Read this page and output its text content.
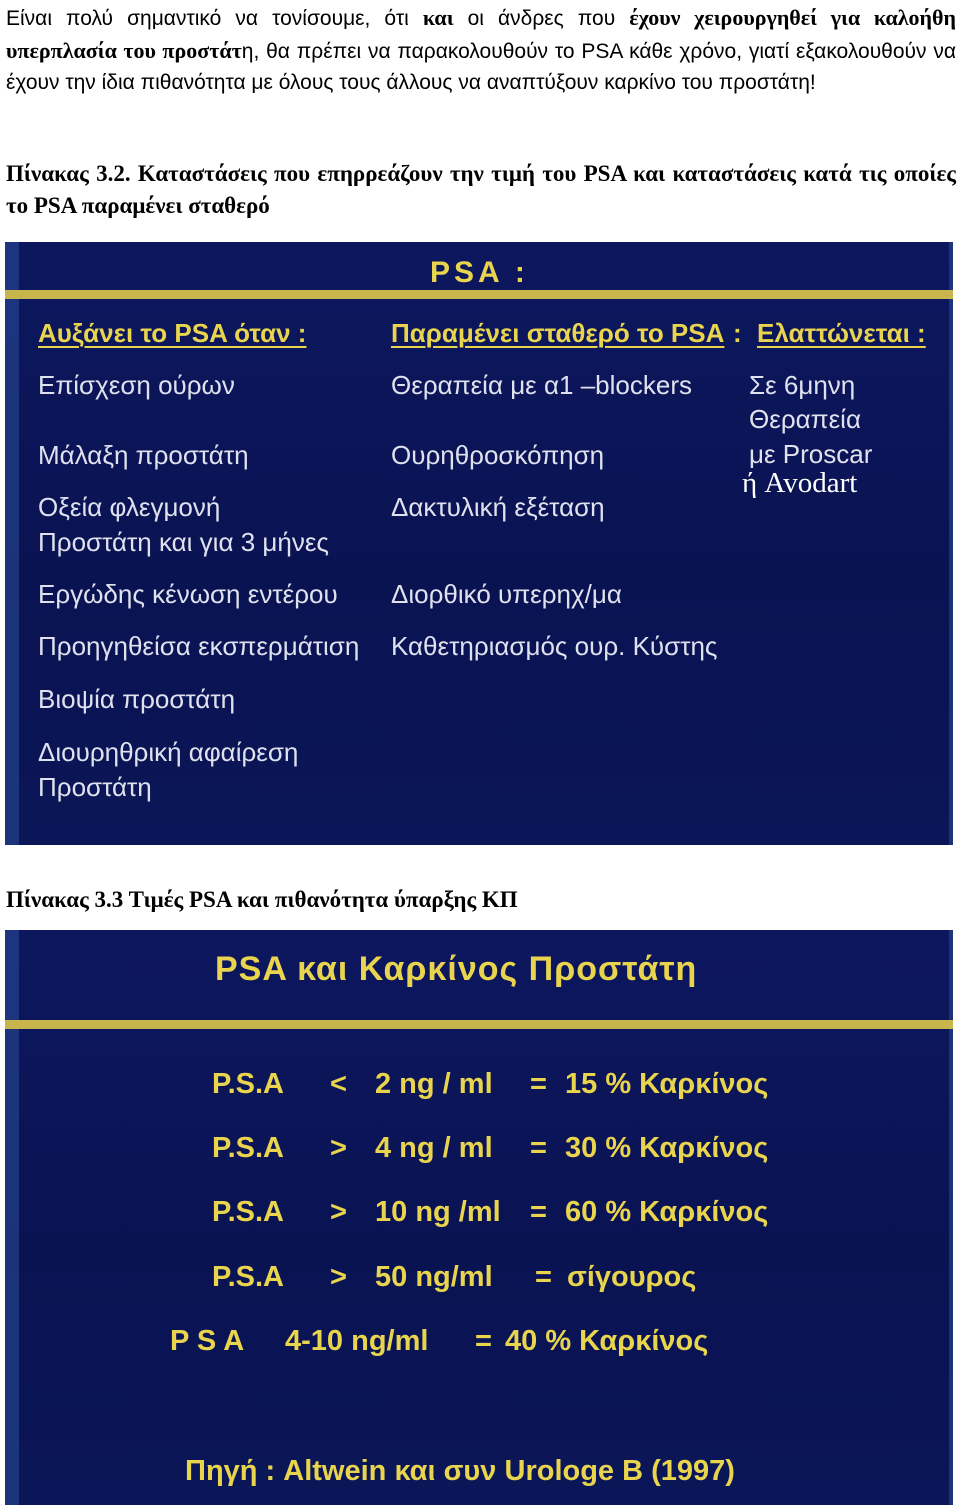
Είναι πολύ σημαντικό να τονίσουμε, ότι και οι άνδρες που έχουν χειρουργηθεί για καλοήθη υπερπλασία του προστάτη, θα πρέπει να παρακολουθούν το PSA κάθε χρόνο, γιατί εξακολουθούν να έχουν την ίδια πιθανότητα με όλους τους άλλους να αναπτύξουν καρκίνο του προστάτη!

Πίνακας 3.2. Καταστάσεις που επηρρεάζουν την τιμή του PSA και καταστάσεις κατά τις οποίες το PSA παραμένει σταθερό

PSA :
Αυξάνει το PSA όταν :	Παραμένει σταθερό το PSA : Ελαττώνεται :
Επίσχεση ούρων
Μάλαξη προστάτη
Οξεία φλεγμονή
Προστάτη και για 3 μήνες
Εργώδης κένωση εντέρου
Προηγηθείσα εκσπερμάτιση
Βιοψία προστάτη
Διουρηθρική αφαίρεση
Προστάτη
Θεραπεία με α1 –blockers
Ουρηθροσκόπηση
Δακτυλική εξέταση
Διορθικό υπερηχ/μα
Καθετηριασμός ουρ. Κύστης
Σε 6μηνη
Θεραπεία
με Proscar
ή Avodart

Πίνακας 3.3 Τιμές PSA και πιθανότητα ύπαρξης ΚΠ

PSA και Καρκίνος Προστάτη
P.S.A < 2 ng / ml = 15 % Καρκίνος
P.S.A > 4 ng / ml = 30 % Καρκίνος
P.S.A > 10 ng /ml = 60 % Καρκίνος
P.S.A > 50 ng/ml = σίγουρος
P S A 4-10 ng/ml = 40 % Καρκίνος
Πηγή : Altwein και συν Urologe B (1997)
